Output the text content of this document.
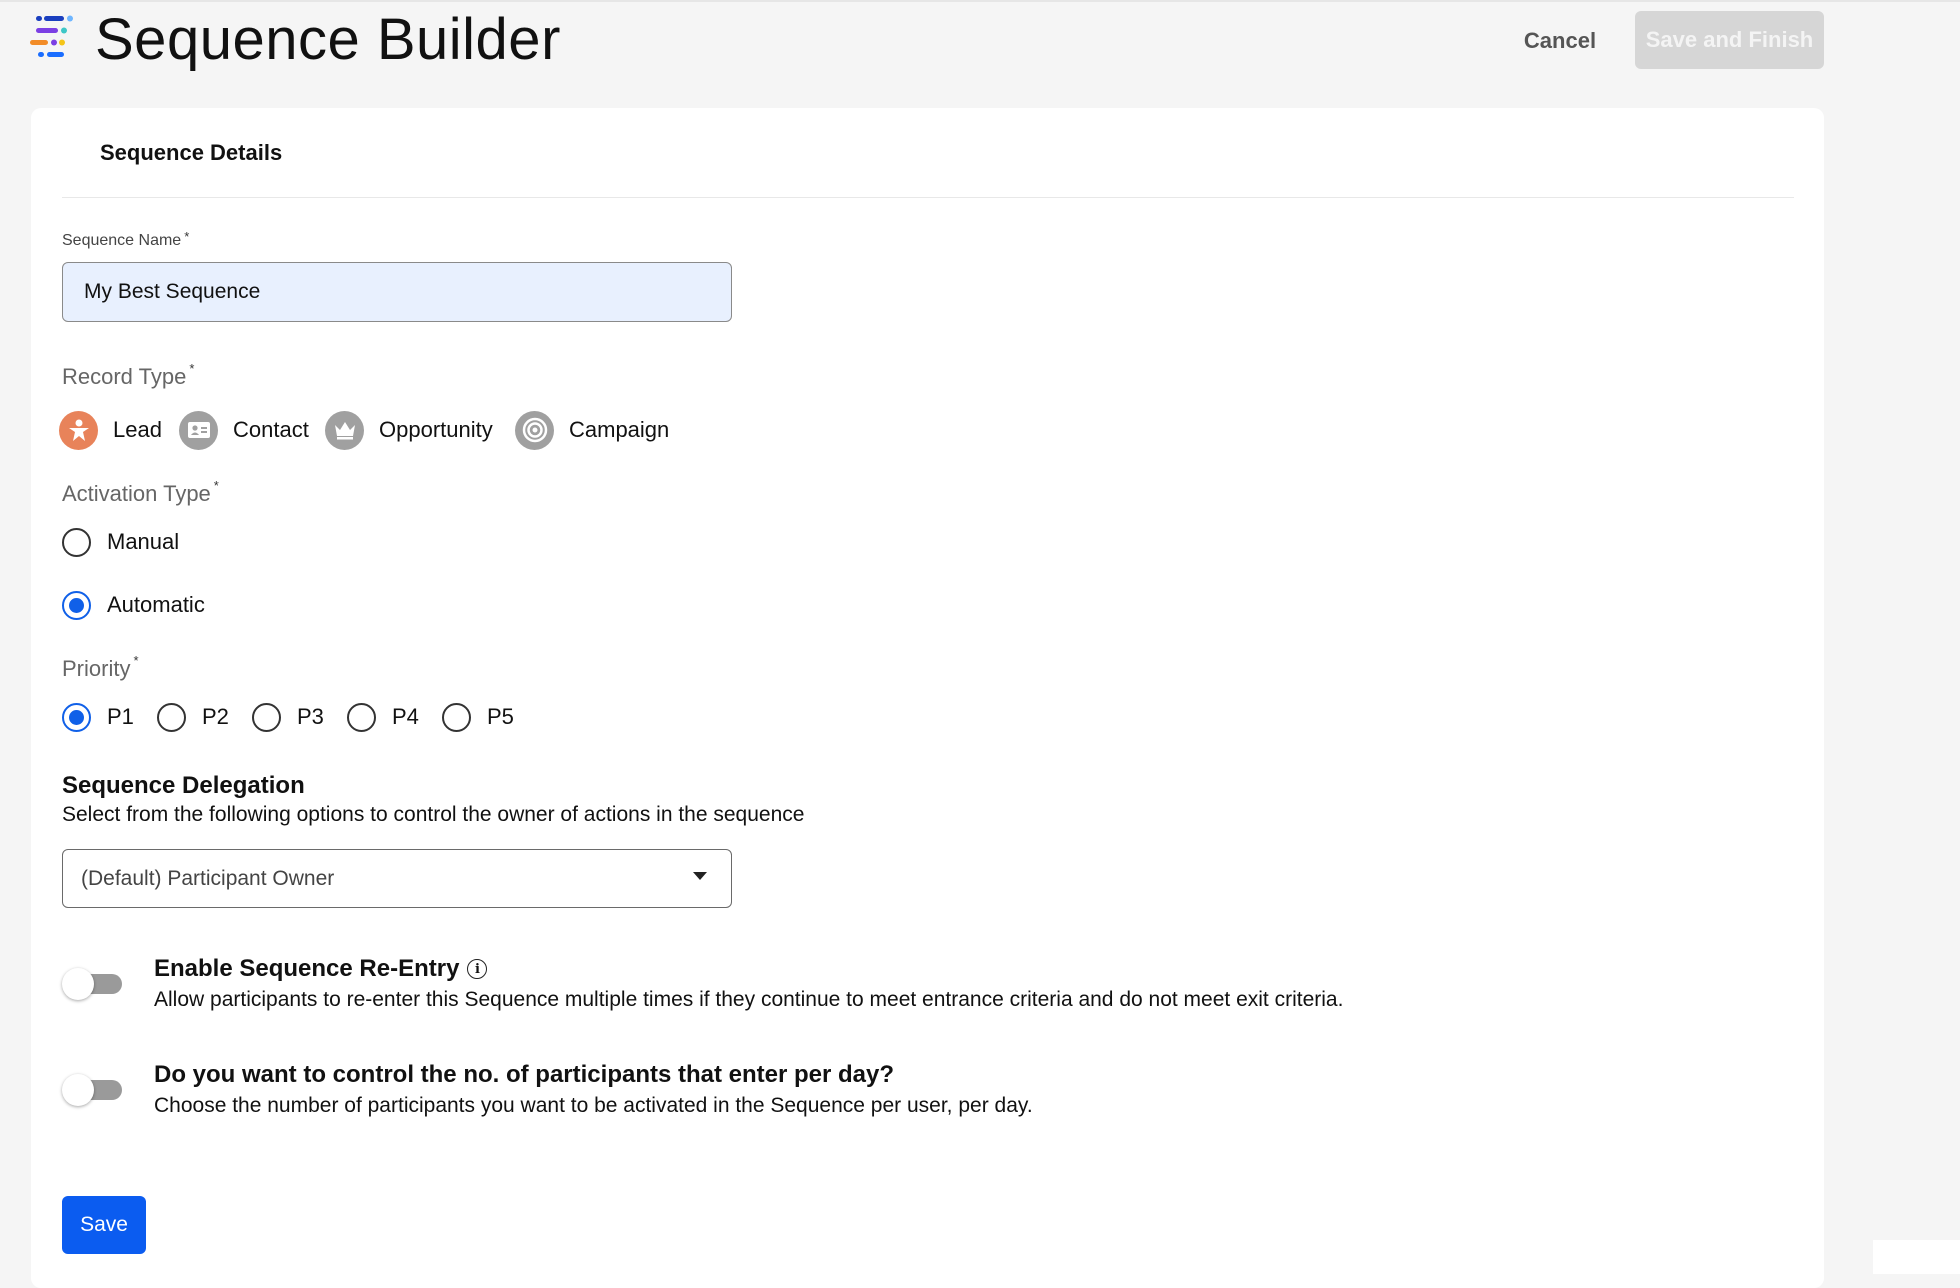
Sequence Builder	Cancel	Save and Finish
Sequence Details
Sequence Name *
My Best Sequence
Record Type *
Lead	Contact	Opportunity	Campaign
Activation Type *
Manual
Automatic
Priority *
P1	P2	P3	P4	P5
Sequence Delegation
Select from the following options to control the owner of actions in the sequence
(Default) Participant Owner
Enable Sequence Re-Entry	i
Allow participants to re-enter this Sequence multiple times if they continue to meet entrance criteria and do not meet exit criteria.
Do you want to control the no. of participants that enter per day?
Choose the number of participants you want to be activated in the Sequence per user, per day.
Save
